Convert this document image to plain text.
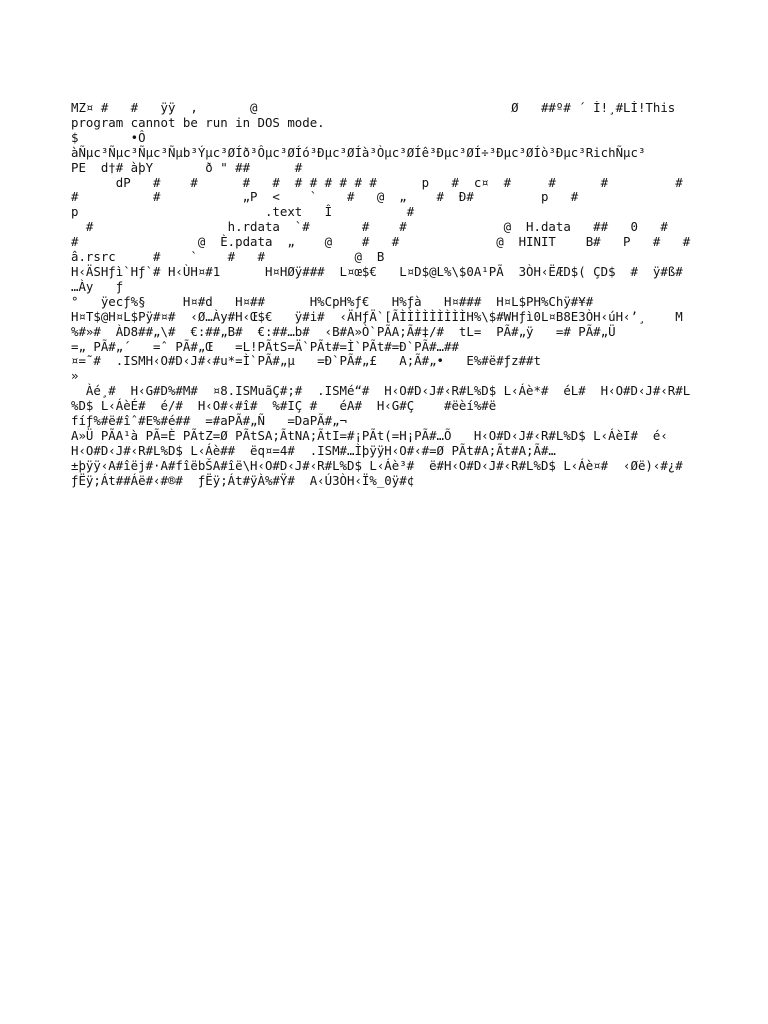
MZ¤ #   #   ÿÿ  ,       @                                  Ø   ##º# ´ Í!¸#LÍ!This
program cannot be run in DOS mode.
$       •Ô
àÑµc³Ñµc³Ñµc³Ñµb³Ýµc³ØÍð³Ôµc³ØÍó³Ðµc³ØÍà³Òµc³ØÍê³Ðµc³ØÍ÷³Ðµc³ØÍò³Ðµc³RichÑµc³
PE  d†# àþY       ð " ##      #
dP   #    #      #   #  # # # # # #      p   #  c¤  #     #      #         #
#          #           „P  <    `    #   @  „    #  Ð#         p   #
p                         .text   Î          #
#                  h.rdata  `#       #    #             @  H.data   ##   0   #
#                @  È.pdata  „    @    #   #             @  HINIT    B#   P   #   #
â.rsrc     #    `    #   #            @  B
H‹ÄSHƒì`Hƒ`# H‹ÙH¤#1      H¤HØÿ###  L¤œ$€   L¤D$@L%\$0A¹PÃ  3ÒH‹ËÆD$( ÇD$  #  ÿ#ß#
…Ày   ƒ
°   ÿecƒ%§     H¤#d   H¤##      H%CpH%ƒ€   H%ƒà   H¤###  H¤L$PH%Chÿ#¥#
H¤T$@H¤L$Pÿ#¤#  ‹Ø…Ày#H‹Œ$€   ÿ#i#  ‹ÄHƒÄ`[ÃÌÌÌÌÌÌÌÌÌH%\$#WHƒì0L¤B8E3ÒH‹úH‹’¸    M
%#»#  ÀD8##„\#  €:##„B#  €:##…b#  ‹B#A»Ò`PÃA;Ã#‡/#  tL=  PÃ#„ÿ   =# PÃ#„Ü
=„ PÃ#„´   =ˆ PÃ#„Œ   =L!PÃtS=Ä`PÃt#=Ì`PÃt#=Ð`PÃ#…##
¤=˜#  .ISMH‹O#D‹J#‹#u*=Ì`PÃ#„µ   =Ð`PÃ#„£   A;Ã#„•   E%#ë#ƒz##t
»
Àé¸#  H‹G#D%#M#  ¤8.ISMuãÇ#;#  .ISMé“#  H‹O#D‹J#‹R#L%D$ L‹Áè*#  éL#  H‹O#D‹J#‹R#L
%D$ L‹ÁèÉ#  é/#  H‹O#‹#î#  %#IÇ #   éA#  H‹G#Ç    #ëèí%#ë
fíƒ%#ë#îˆ#E%#é##  =#aPÃ#„Ñ   =DaPÃ#„¬
A»Ü PÃA¹à PÃ=È PÃtZ=Ø PÃtSA;ÃtNA;ÃtI=#¡PÃt(=H¡PÃ#…Õ   H‹O#D‹J#‹R#L%D$ L‹ÁèI#  é‹
H‹O#D‹J#‹R#L%D$ L‹Áè##  ëq¤=4#  .ISM#…ÌþÿÿH‹O#‹#=Ø PÃt#A;Ãt#A;Ã#…
±þÿÿ‹A#îëj#·A#fîëbŠA#îë\H‹O#D‹J#‹R#L%D$ L‹Áè³#  ë#H‹O#D‹J#‹R#L%D$ L‹Áè¤#  ‹Øë)‹#¿#
ƒËÿ;Át##Áë#‹#®#  ƒËÿ;Át#ÿÀ%#Ÿ#  A‹Ú3ÒH‹Ï%_0ÿ#¢
